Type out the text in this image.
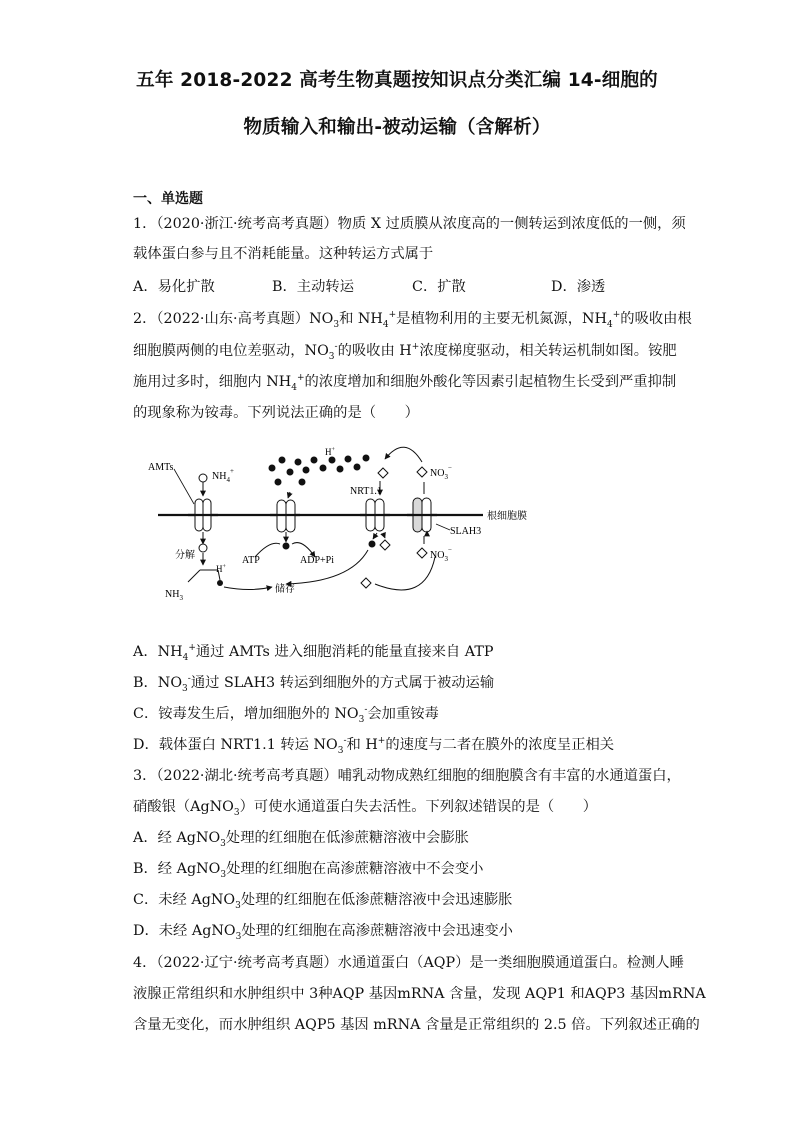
五年 2018-2022 高考生物真题按知识点分类汇编 14-细胞的
物质输入和输出-被动运输（含解析）
一、单选题
1．（2020·浙江·统考高考真题）物质 X 过质膜从浓度高的一侧转运到浓度低的一侧，须
载体蛋白参与且不消耗能量。这种转运方式属于
A．易化扩散	B．主动转运	C．扩散	D．渗透
2．（2022·山东·高考真题）$NO_3$和 $NH_4^+$是植物利用的主要无机氮源，$NH_4^+$的吸收由根
细胞膜两侧的电位差驱动，$NO_3^-$的吸收由 H+浓度梯度驱动，相关转运机制如图。铵肥
施用过多时，细胞内 $NH_4^+$的浓度增加和细胞外酸化等因素引起植物生长受到严重抑制
的现象称为铵毒。下列说法正确的是（　　）
AMTs
$NH_4^+$
分解
$NH_3$
H+
储存
H+
ATP	ADP+Pi
NRT1.1
$NO_3^-$
$NO_3^-$
SLAH3
根细胞膜
A．$NH_4^+$通过 AMTs 进入细胞消耗的能量直接来自 ATP
B．$NO_3^-$通过 SLAH3 转运到细胞外的方式属于被动运输
C．铵毒发生后，增加细胞外的 $NO_3^-$会加重铵毒
D．载体蛋白 NRT1.1 转运 $NO_3^-$和 H+的速度与二者在膜外的浓度呈正相关
3．（2022·湖北·统考高考真题）哺乳动物成熟红细胞的细胞膜含有丰富的水通道蛋白，
硝酸银（AgNO$_3$）可使水通道蛋白失去活性。下列叙述错误的是（　　）
A．经 AgNO$_3$处理的红细胞在低渗蔗糖溶液中会膨胀
B．经 AgNO$_3$处理的红细胞在高渗蔗糖溶液中不会变小
C．未经 AgNO$_3$处理的红细胞在低渗蔗糖溶液中会迅速膨胀
D．未经 AgNO$_3$处理的红细胞在高渗蔗糖溶液中会迅速变小
4．（2022·辽宁·统考高考真题）水通道蛋白（AQP）是一类细胞膜通道蛋白。检测人睡
液腺正常组织和水肿组织中 3种AQP 基因mRNA 含量，发现 AQP1 和AQP3 基因mRNA
含量无变化，而水肿组织 AQP5 基因 mRNA 含量是正常组织的 2.5 倍。下列叙述正确的
